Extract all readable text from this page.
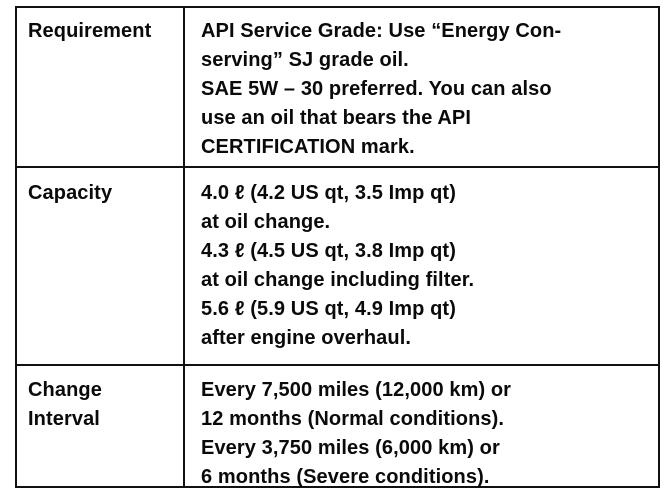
Requirement	API Service Grade: Use “Energy Con-
serving” SJ grade oil.
SAE 5W – 30 preferred. You can also
use an oil that bears the API
CERTIFICATION mark.
Capacity	4.0 ℓ (4.2 US qt, 3.5 Imp qt)
at oil change.
4.3 ℓ (4.5 US qt, 3.8 Imp qt)
at oil change including filter.
5.6 ℓ (5.9 US qt, 4.9 Imp qt)
after engine overhaul.
Change
Interval
Every 7,500 miles (12,000 km) or
12 months (Normal conditions).
Every 3,750 miles (6,000 km) or
6 months (Severe conditions).
